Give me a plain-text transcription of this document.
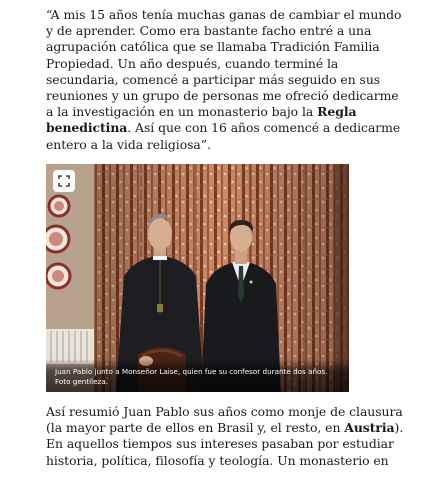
“A mis 15 años tenía muchas ganas de cambiar el mundo y de aprender. Como era bastante facho entré a una agrupación católica que se llamaba Tradición Familia Propiedad. Un año después, cuando terminé la secundaria, comencé a participar más seguido en sus reuniones y un grupo de personas me ofreció dedicarme a la investigación en un monasterio bajo la Regla benedictina. Así que con 16 años comencé a dedicarme entero a la vida religiosa”.

Juan Pablo junto a Monseñor Laise, quien fue su confesor durante dos años. Foto gentileza.

Así resumió Juan Pablo sus años como monje de clausura (la mayor parte de ellos en Brasil y, el resto, en Austria). En aquellos tiempos sus intereses pasaban por estudiar historia, política, filosofía y teología. Un monasterio en
